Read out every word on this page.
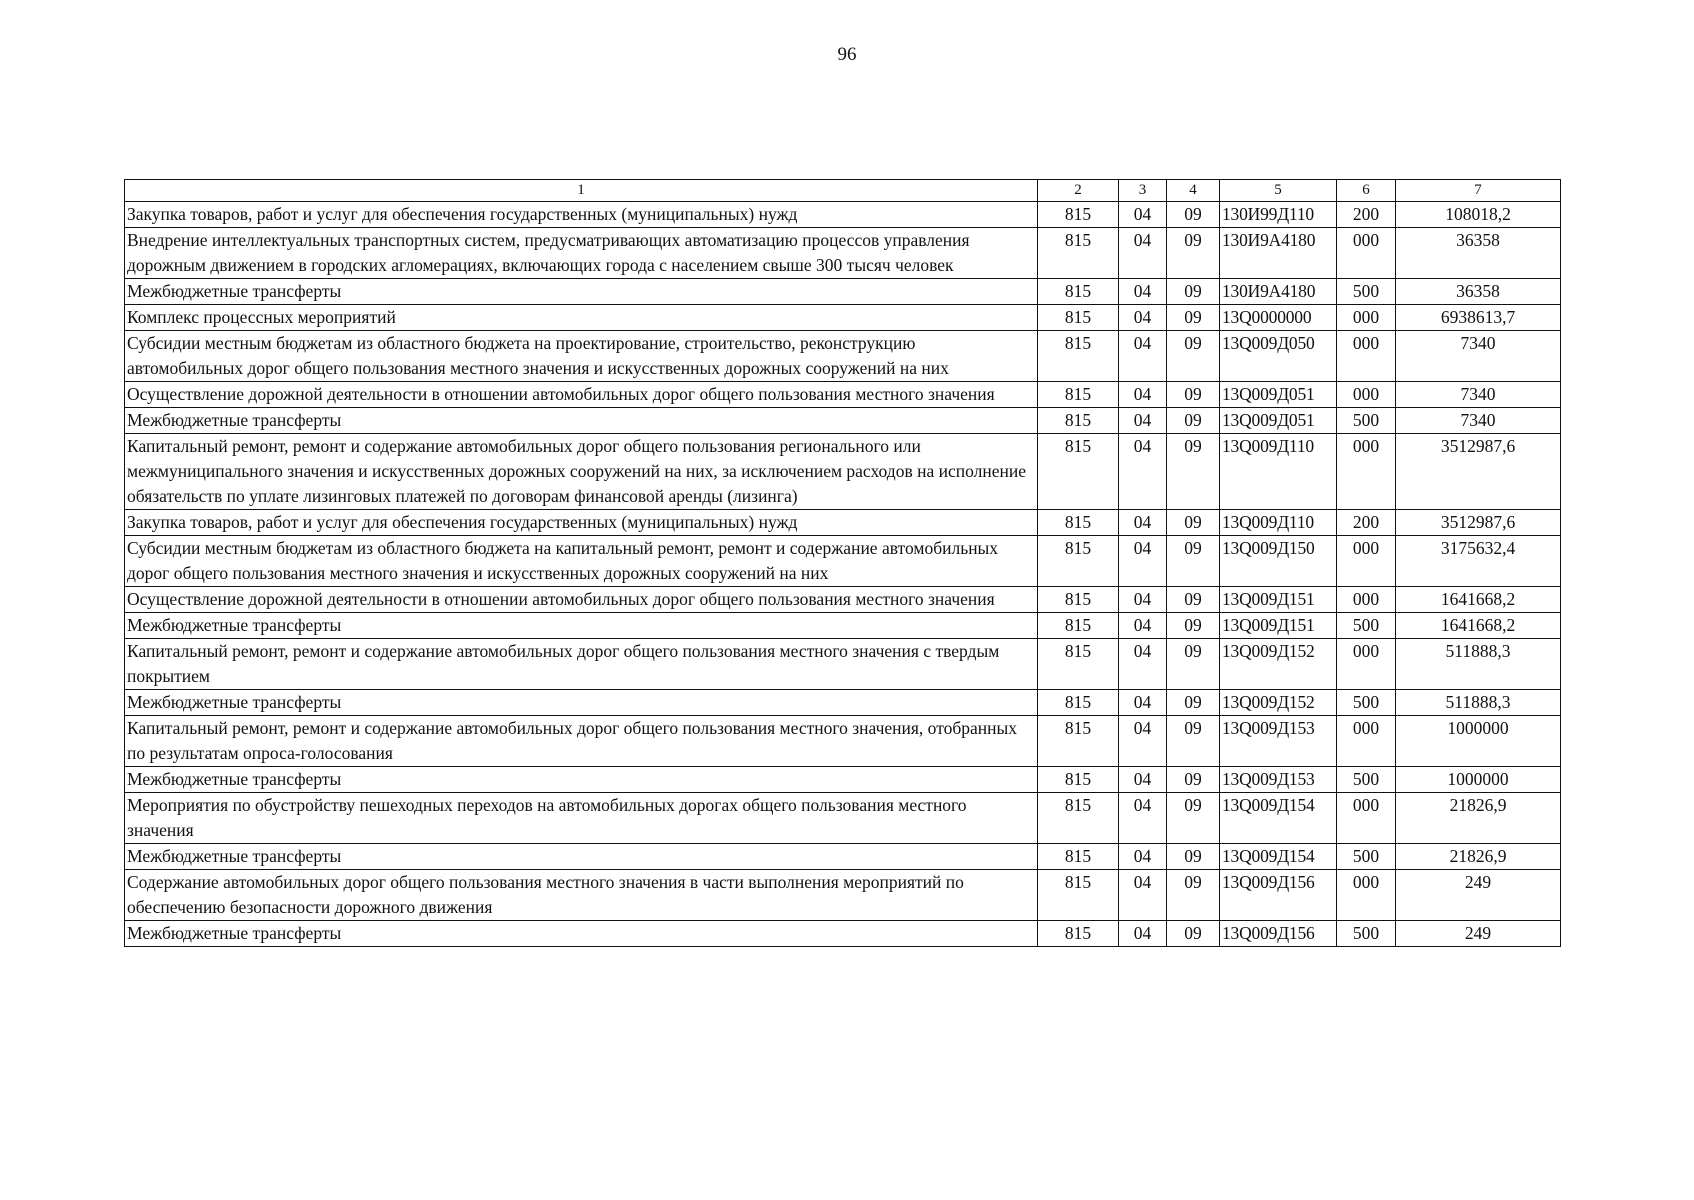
96
1	2	3	4	5	6	7
Закупка товаров, работ и услуг для обеспечения государственных (муниципальных) нужд	815	04	09	130И99Д110	200	108018,2
Внедрение интеллектуальных транспортных систем, предусматривающих автоматизацию процессов управления дорожным движением в городских агломерациях, включающих города с населением свыше 300 тысяч человек	815	04	09	130И9А4180	000	36358
Межбюджетные трансферты	815	04	09	130И9А4180	500	36358
Комплекс процессных мероприятий	815	04	09	13Q0000000	000	6938613,7
Субсидии местным бюджетам из областного бюджета на проектирование, строительство, реконструкцию автомобильных дорог общего пользования местного значения и искусственных дорожных сооружений на них	815	04	09	13Q009Д050	000	7340
Осуществление дорожной деятельности в отношении автомобильных дорог общего пользования местного значения	815	04	09	13Q009Д051	000	7340
Межбюджетные трансферты	815	04	09	13Q009Д051	500	7340
Капитальный ремонт, ремонт и содержание автомобильных дорог общего пользования регионального или межмуниципального значения и искусственных дорожных сооружений на них, за исключением расходов на исполнение обязательств по уплате лизинговых платежей по договорам финансовой аренды (лизинга)	815	04	09	13Q009Д110	000	3512987,6
Закупка товаров, работ и услуг для обеспечения государственных (муниципальных) нужд	815	04	09	13Q009Д110	200	3512987,6
Субсидии местным бюджетам из областного бюджета на капитальный ремонт, ремонт и содержание автомобильных дорог общего пользования местного значения и искусственных дорожных сооружений на них	815	04	09	13Q009Д150	000	3175632,4
Осуществление дорожной деятельности в отношении автомобильных дорог общего пользования местного значения	815	04	09	13Q009Д151	000	1641668,2
Межбюджетные трансферты	815	04	09	13Q009Д151	500	1641668,2
Капитальный ремонт, ремонт и содержание автомобильных дорог общего пользования местного значения с твердым покрытием	815	04	09	13Q009Д152	000	511888,3
Межбюджетные трансферты	815	04	09	13Q009Д152	500	511888,3
Капитальный ремонт, ремонт и содержание автомобильных дорог общего пользования местного значения, отобранных по результатам опроса-голосования	815	04	09	13Q009Д153	000	1000000
Межбюджетные трансферты	815	04	09	13Q009Д153	500	1000000
Мероприятия по обустройству пешеходных переходов на автомобильных дорогах общего пользования местного значения	815	04	09	13Q009Д154	000	21826,9
Межбюджетные трансферты	815	04	09	13Q009Д154	500	21826,9
Содержание автомобильных дорог общего пользования местного значения в части выполнения мероприятий по обеспечению безопасности дорожного движения	815	04	09	13Q009Д156	000	249
Межбюджетные трансферты	815	04	09	13Q009Д156	500	249
